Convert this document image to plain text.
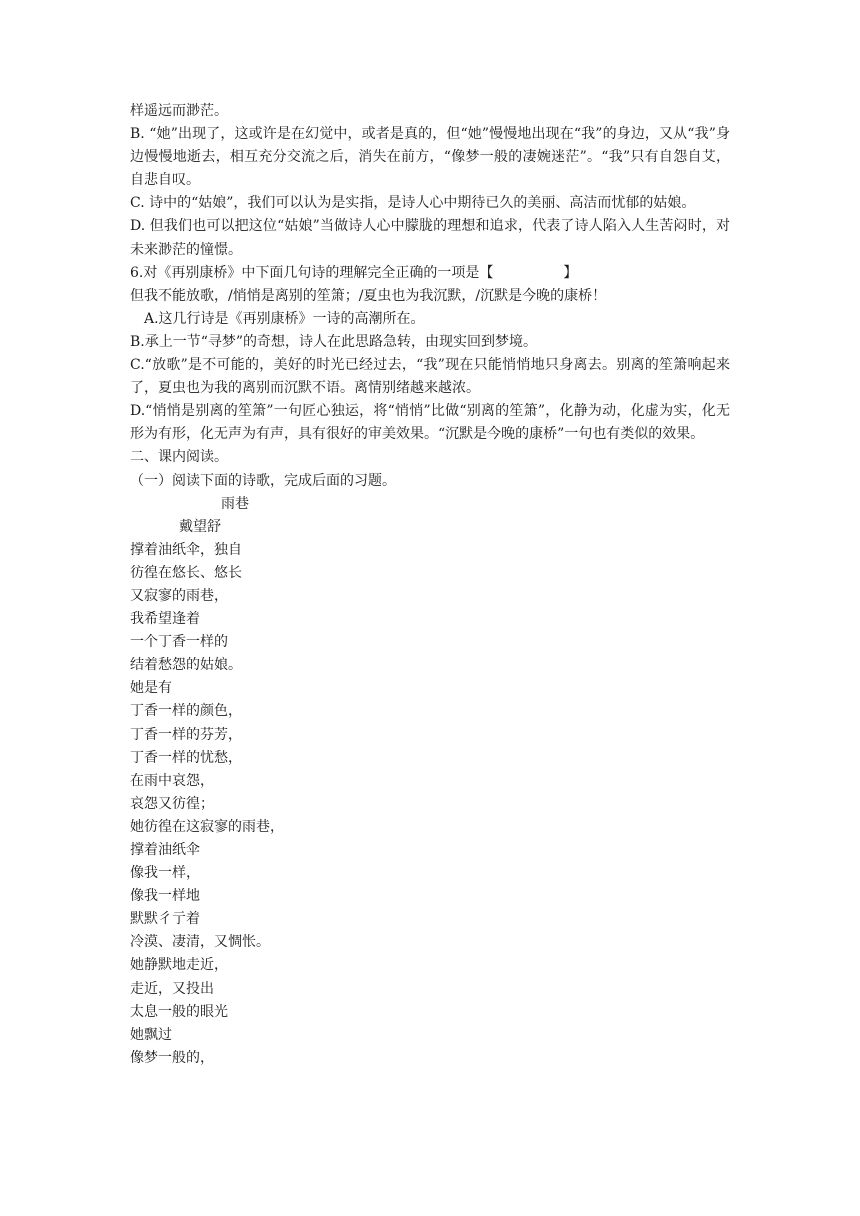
样遥远而渺茫。
B. “她”出现了，这或许是在幻觉中，或者是真的，但“她”慢慢地出现在“我”的身边，又从“我”身边慢慢地逝去，相互充分交流之后，消失在前方，“像梦一般的凄婉迷茫”。“我”只有自怨自艾，自悲自叹。
C. 诗中的“姑娘”，我们可以认为是实指，是诗人心中期待已久的美丽、高洁而忧郁的姑娘。
D. 但我们也可以把这位“姑娘”当做诗人心中朦胧的理想和追求，代表了诗人陷入人生苦闷时，对未来渺茫的憧憬。
6.对《再别康桥》中下面几句诗的理解完全正确的一项是【　　　　　】
但我不能放歌，/悄悄是离别的笙箫；/夏虫也为我沉默，/沉默是今晚的康桥！
A.这几行诗是《再别康桥》一诗的高潮所在。
B.承上一节“寻梦”的奇想，诗人在此思路急转，由现实回到梦境。
C.“放歌”是不可能的，美好的时光已经过去，“我”现在只能悄悄地只身离去。别离的笙箫响起来了，夏虫也为我的离别而沉默不语。离情别绪越来越浓。
D.“悄悄是别离的笙箫”一句匠心独运，将“悄悄”比做“别离的笙箫”，化静为动，化虚为实，化无形为有形，化无声为有声，具有很好的审美效果。“沉默是今晚的康桥”一句也有类似的效果。
二、课内阅读。
（一）阅读下面的诗歌，完成后面的习题。
雨巷
戴望舒
撑着油纸伞，独自
彷徨在悠长、悠长
又寂寥的雨巷，
我希望逢着
一个丁香一样的
结着愁怨的姑娘。
她是有
丁香一样的颜色，
丁香一样的芬芳，
丁香一样的忧愁，
在雨中哀怨，
哀怨又彷徨；
她彷徨在这寂寥的雨巷，
撑着油纸伞
像我一样，
像我一样地
默默彳亍着
冷漠、凄清，又惆怅。
她静默地走近，
走近，又投出
太息一般的眼光
她飘过
像梦一般的，
